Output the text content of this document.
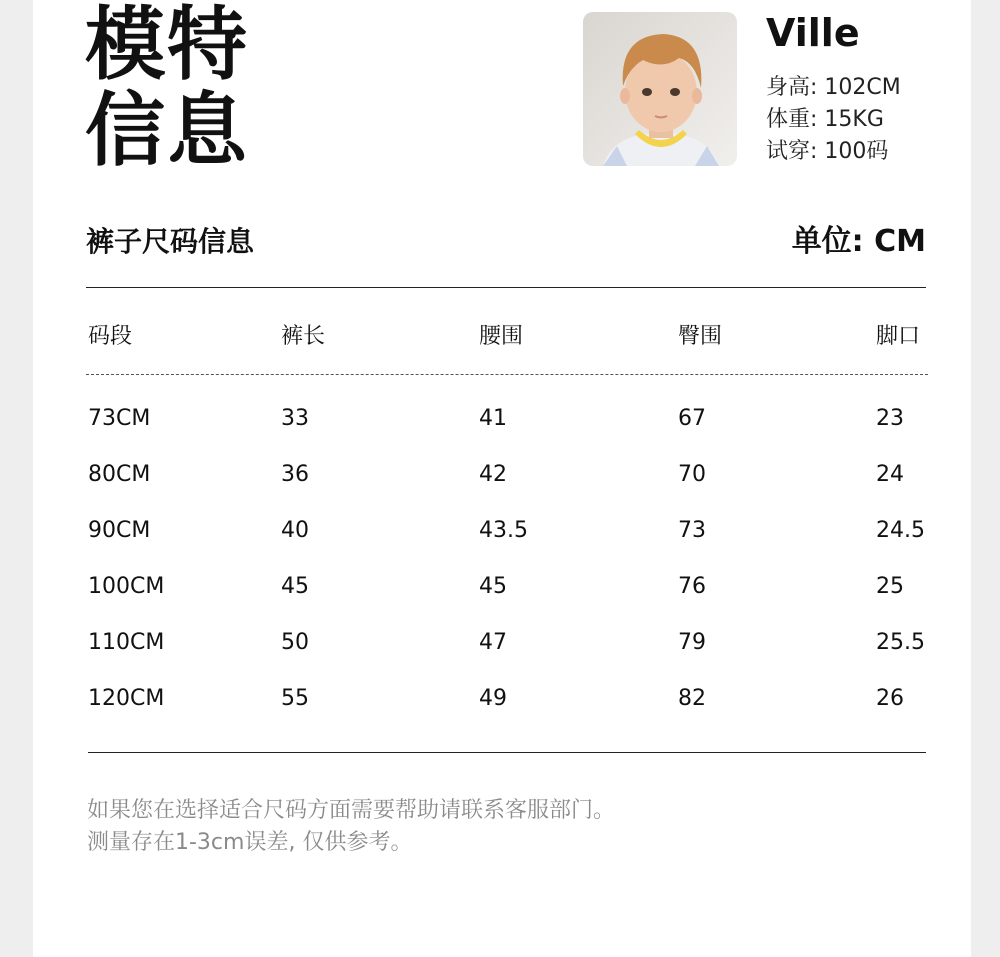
模特
信息
Ville
身高: 102CM
体重: 15KG
试穿: 100码
裤子尺码信息	单位: CM
码段	裤长	腰围	臀围	脚口
73CM	33	41	67	23
80CM	36	42	70	24
90CM	40	43.5	73	24.5
100CM	45	45	76	25
110CM	50	47	79	25.5
120CM	55	49	82	26
如果您在选择适合尺码方面需要帮助请联系客服部门。
测量存在1-3cm误差, 仅供参考。
